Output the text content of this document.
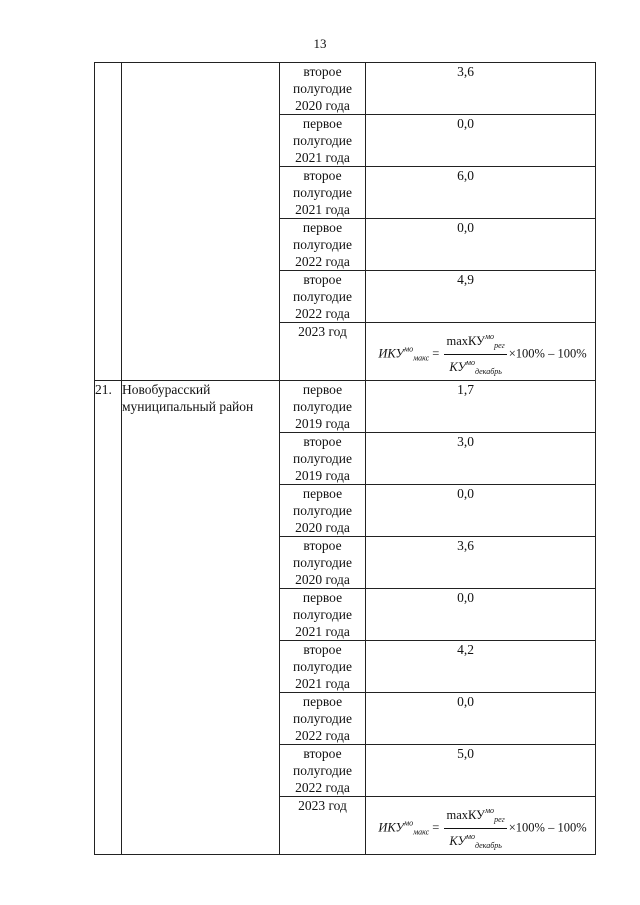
13
		второе полугодие 2020 года	3,6

		первое полугодие 2021 года	0,0

		второе полугодие 2021 года	6,0

		первое полугодие 2022 года	0,0

		второе полугодие 2022 года	4,9

		2023 год	$ИКУ^{мо}_{макс} = \frac{\max КУ^{мо}_{рег}}{КУ^{мо}_{декабрь}} \times 100\% - 100\%$

21.	Новобурасский муниципальный район	первое полугодие 2019 года	1,7

		второе полугодие 2019 года	3,0

		первое полугодие 2020 года	0,0

		второе полугодие 2020 года	3,6

		первое полугодие 2021 года	0,0

		второе полугодие 2021 года	4,2

		первое полугодие 2022 года	0,0

		второе полугодие 2022 года	5,0

		2023 год	$ИКУ^{мо}_{макс} = \frac{\max КУ^{мо}_{рег}}{КУ^{мо}_{декабрь}} \times 100\% - 100\%$
